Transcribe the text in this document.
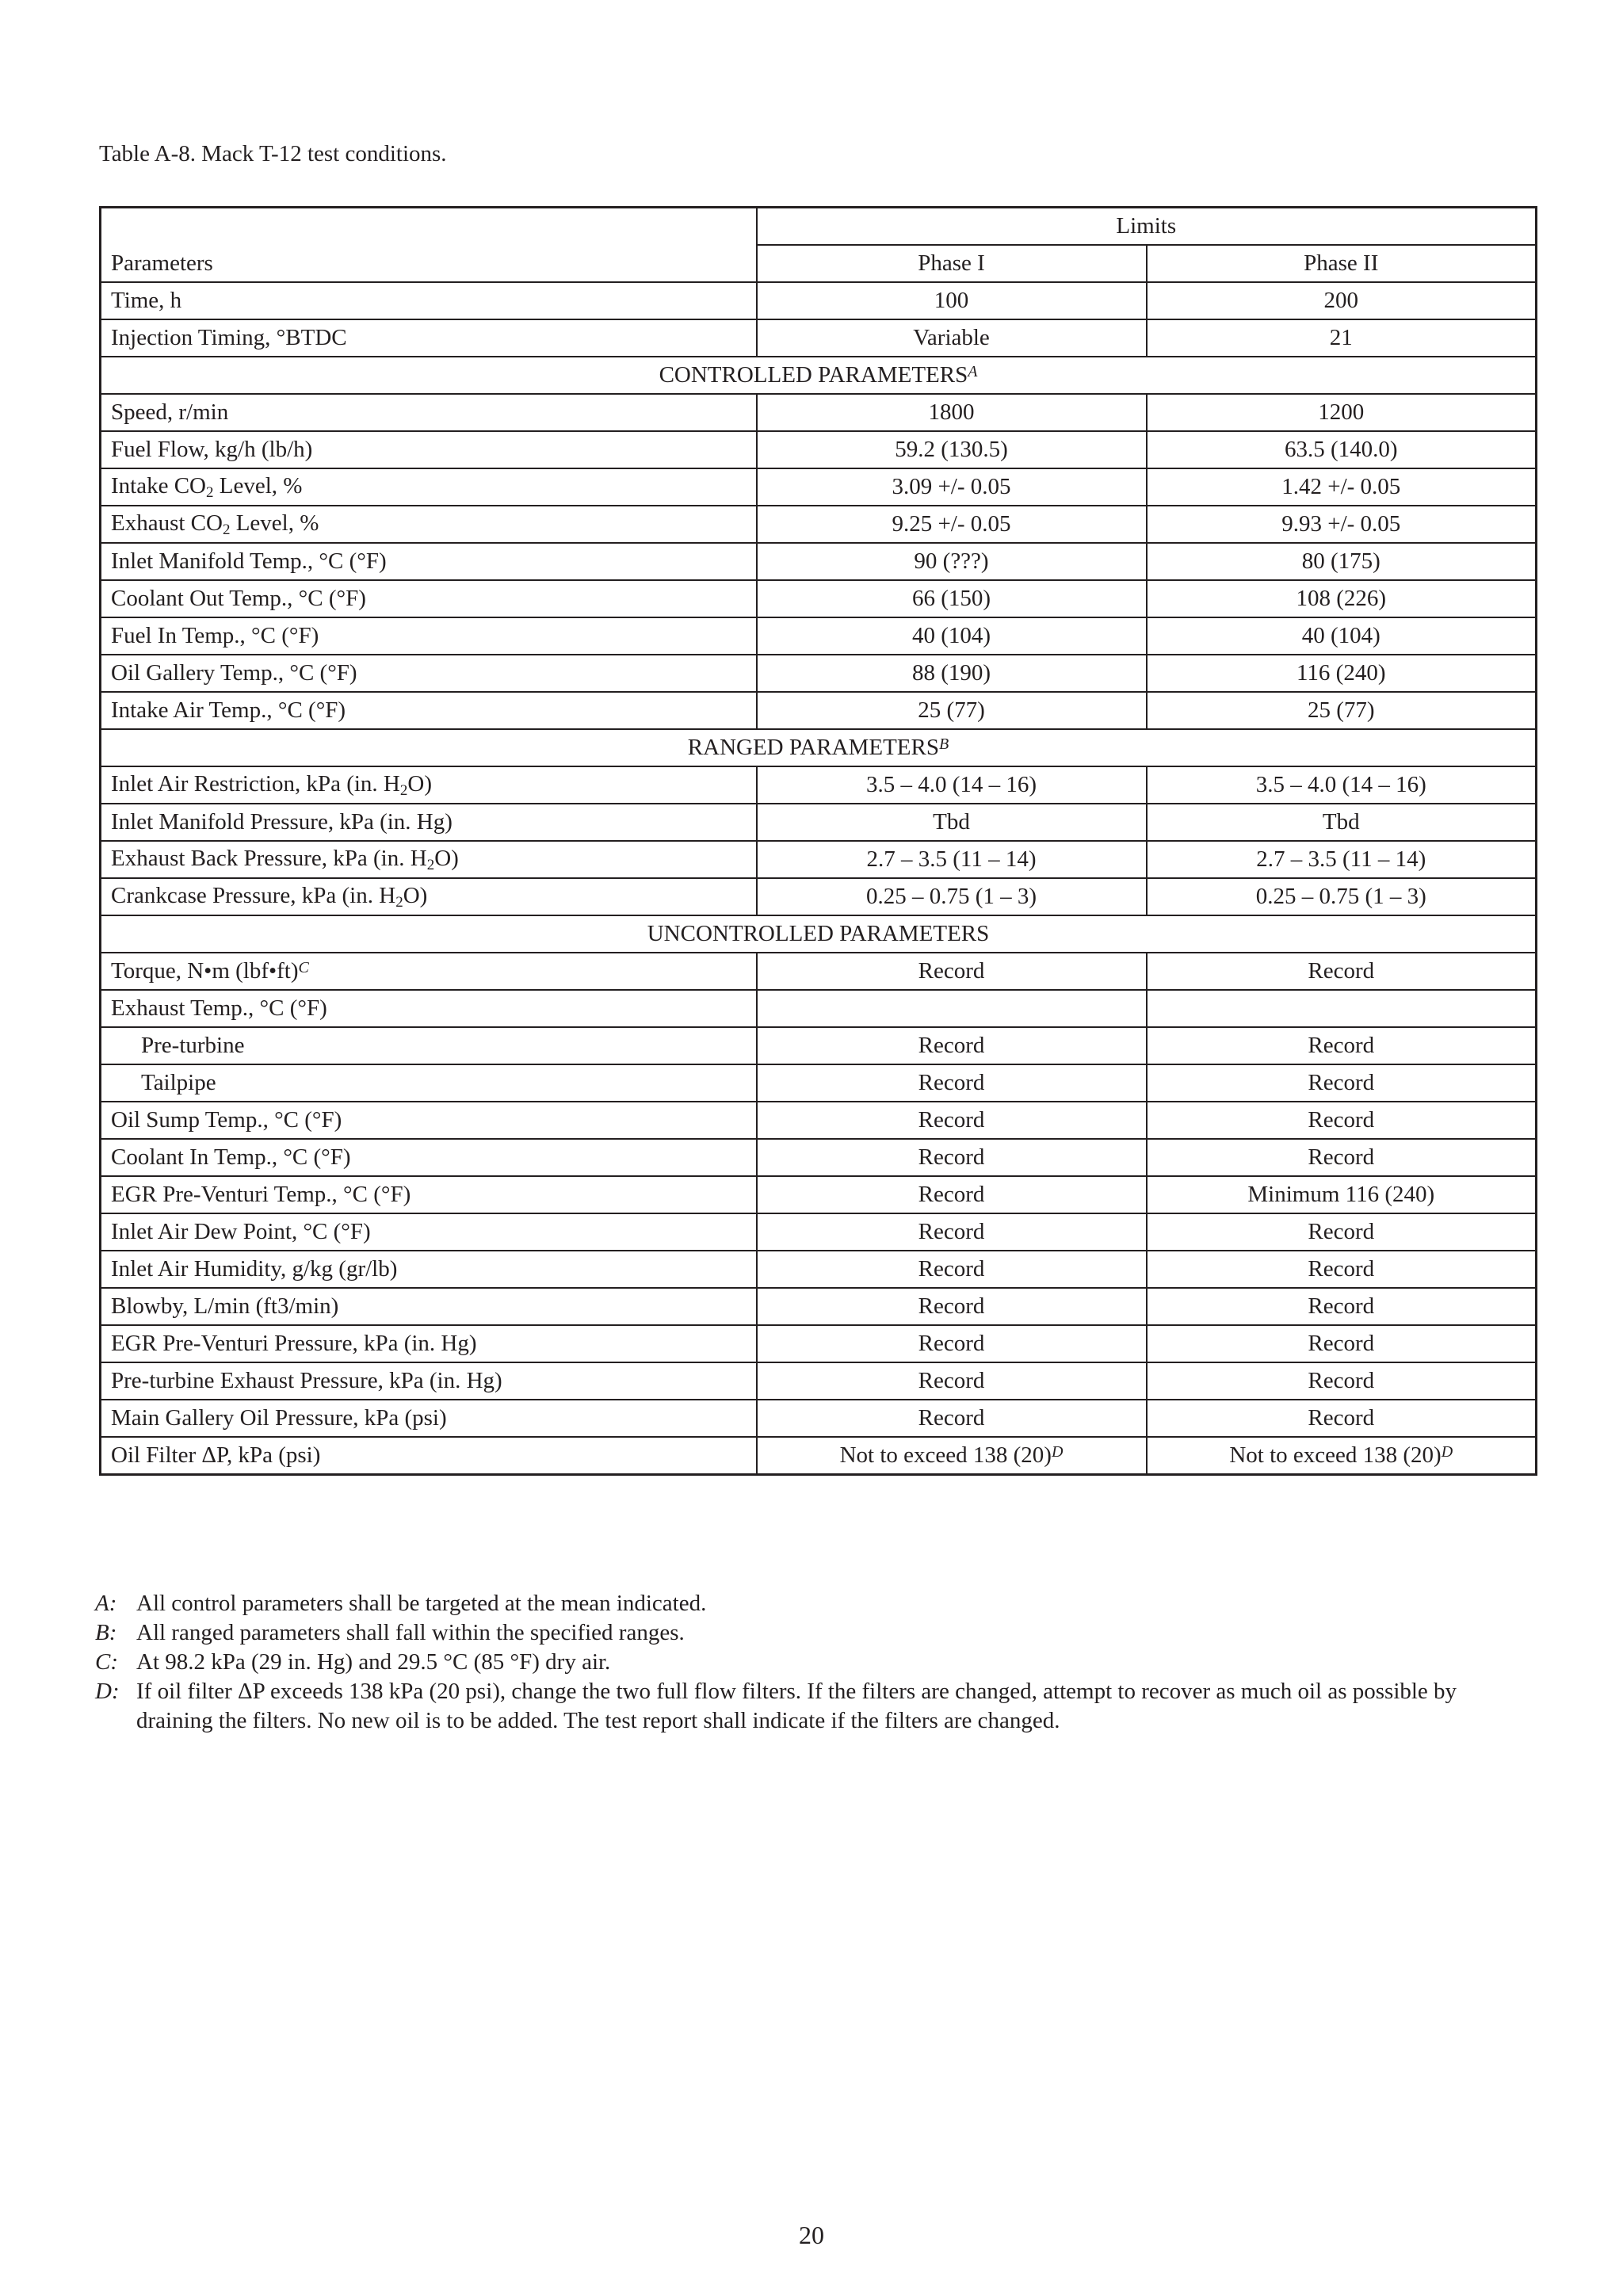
Table A-8. Mack T-12 test conditions.
	Limits	
Parameters	Phase I	Phase II
Time, h	100	200
Injection Timing, °BTDC	Variable	21
CONTROLLED $PARAMETERS^A$
Speed, r/min	1800	1200
Fuel Flow, kg/h (lb/h)	59.2 (130.5)	63.5 (140.0)
Intake $CO_2$ Level, %	3.09 +/- 0.05	1.42 +/- 0.05
Exhaust $CO_2$ Level, %	9.25 +/- 0.05	9.93 +/- 0.05
Inlet Manifold Temp., °C (°F)	90 (???)	80 (175)
Coolant Out Temp., °C (°F)	66 (150)	108 (226)
Fuel In Temp., °C (°F)	40 (104)	40 (104)
Oil Gallery Temp., °C (°F)	88 (190)	116 (240)
Intake Air Temp., °C (°F)	25 (77)	25 (77)
RANGED $PARAMETERS^B$
Inlet Air Restriction, kPa (in. $H_2O$)	3.5 – 4.0 (14 – 16)	3.5 – 4.0 (14 – 16)
Inlet Manifold Pressure, kPa (in. Hg)	Tbd	Tbd
Exhaust Back Pressure, kPa (in. $H_2O$)	2.7 – 3.5 (11 – 14)	2.7 – 3.5 (11 – 14)
Crankcase Pressure, kPa (in. $H_2O$)	0.25 – 0.75 (1 – 3)	0.25 – 0.75 (1 – 3)
UNCONTROLLED PARAMETERS		
Torque, N•m (lbf•ft)$^C$	Record	Record
Exhaust Temp., °C (°F)		
Pre-turbine	Record	Record
Tailpipe	Record	Record
Oil Sump Temp., °C (°F)	Record	Record
Coolant In Temp., °C (°F)	Record	Record
EGR Pre-Venturi Temp., °C (°F)	Record	Minimum 116 (240)
Inlet Air Dew Point, °C (°F)	Record	Record
Inlet Air Humidity, g/kg (gr/lb)	Record	Record
Blowby, L/min (ft3/min)	Record	Record
EGR Pre-Venturi Pressure, kPa (in. Hg)	Record	Record
Pre-turbine Exhaust Pressure, kPa (in. Hg)	Record	Record
Main Gallery Oil Pressure, kPa (psi)	Record	Record
Oil Filter ΔP, kPa (psi)	Not to exceed 138 $(20)^D$	Not to exceed 138 $(20)^D$
A: All control parameters shall be targeted at the mean indicated.
B: All ranged parameters shall fall within the specified ranges.
C: At 98.2 kPa (29 in. Hg) and 29.5 °C (85 °F) dry air.
D: If oil filter ΔP exceeds 138 kPa (20 psi), change the two full flow filters. If the filters are changed, attempt to recover as much oil as possible by draining the filters. No new oil is to be added. The test report shall indicate if the filters are changed.
20
